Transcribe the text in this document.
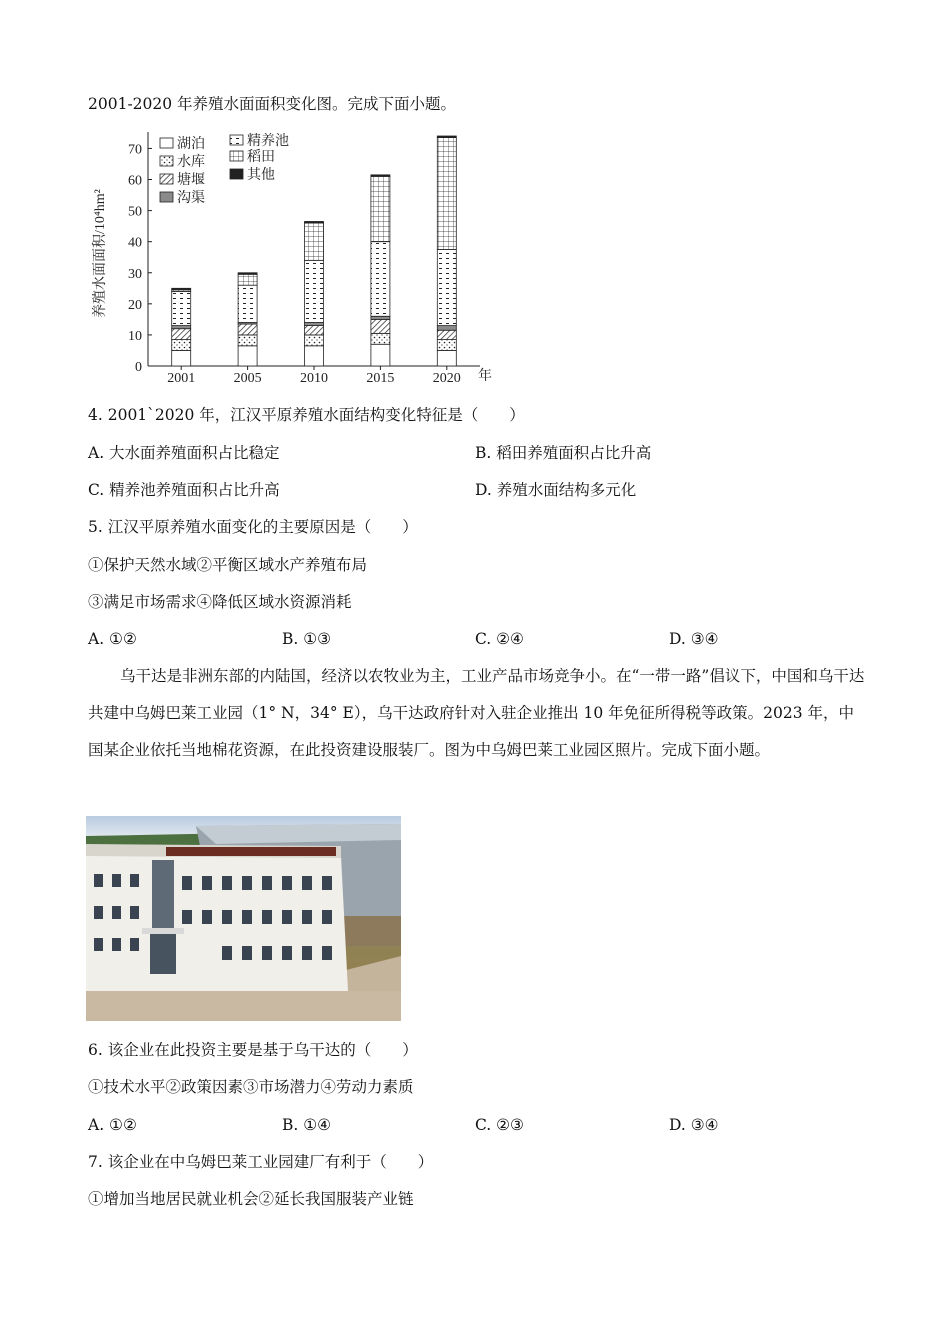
2001-2020 年养殖水面面积变化图。完成下面小题。
0
10
20
30
40
50
60
70
2001	2005	2010	2015	2020
湖泊
水库
塘堰
沟渠
精养池
稻田
其他
养殖水面面积/10⁴hm²
年
4. 2001`2020 年，江汉平原养殖水面结构变化特征是（　　）
A. 大水面养殖面积占比稳定	B. 稻田养殖面积占比升高
C. 精养池养殖面积占比升高	D. 养殖水面结构多元化
5. 江汉平原养殖水面变化的主要原因是（　　）
①保护天然水域②平衡区域水产养殖布局
③满足市场需求④降低区域水资源消耗
A. ①②	B. ①③	C. ②④	D. ③④
乌干达是非洲东部的内陆国，经济以农牧业为主，工业产品市场竞争小。在“一带一路”倡议下，中国和乌干达共建中乌姆巴莱工业园（1° N，34° E），乌干达政府针对入驻企业推出 10 年免征所得税等政策。2023 年，中国某企业依托当地棉花资源，在此投资建设服装厂。图为中乌姆巴莱工业园区照片。完成下面小题。
6. 该企业在此投资主要是基于乌干达的（　　）
①技术水平②政策因素③市场潜力④劳动力素质
A. ①②	B. ①④	C. ②③	D. ③④
7. 该企业在中乌姆巴莱工业园建厂有利于（　　）
①增加当地居民就业机会②延长我国服装产业链
